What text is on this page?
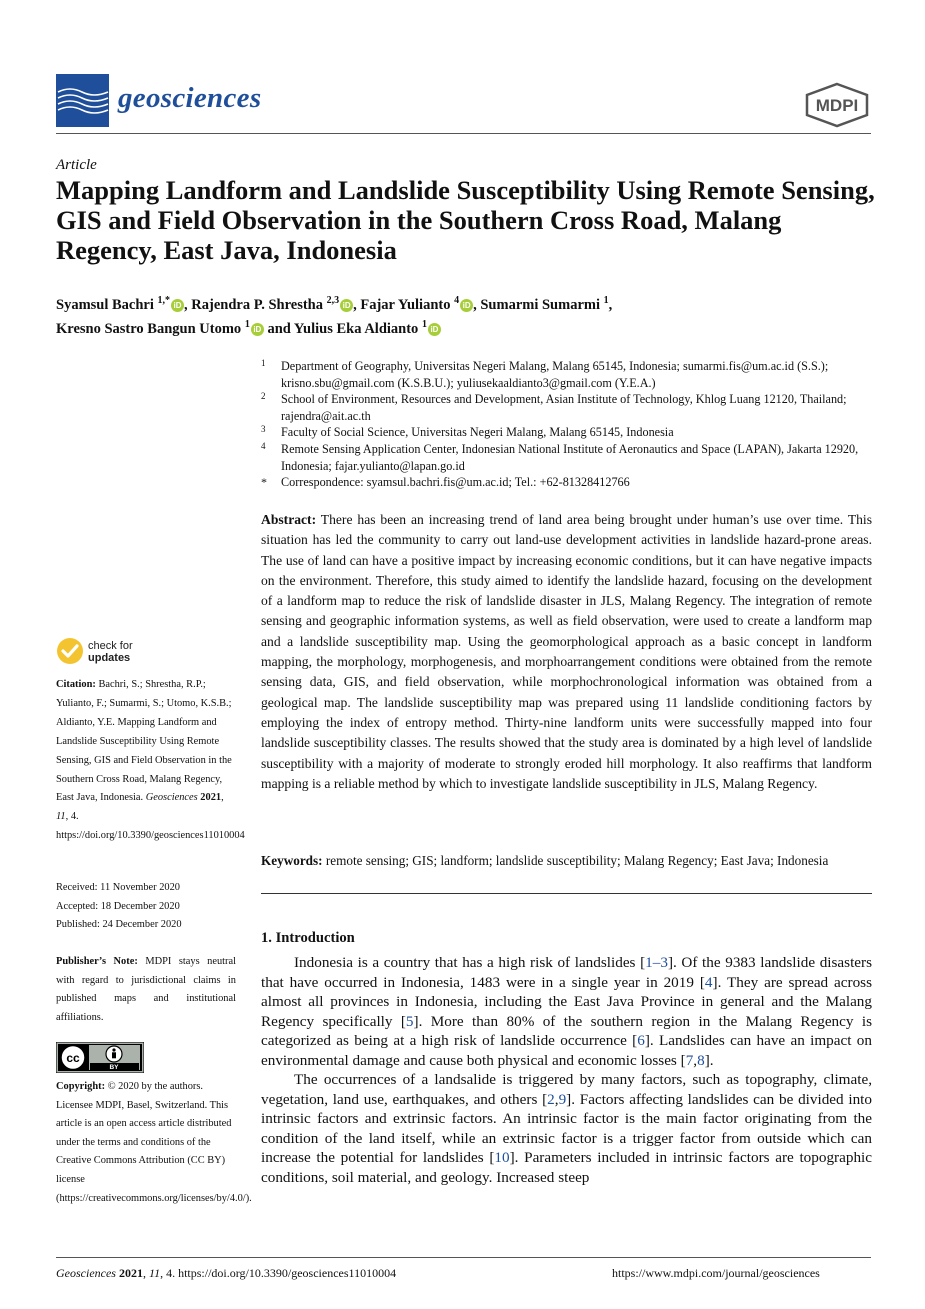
geosciences	MDPI
Article
Mapping Landform and Landslide Susceptibility Using Remote Sensing, GIS and Field Observation in the Southern Cross Road, Malang Regency, East Java, Indonesia
Syamsul Bachri $^{1,*}$ iD , Rajendra P. Shrestha $^{2,3}$ iD , Fajar Yulianto $^4$ iD , Sumarmi Sumarmi $^1$,
Kresno Sastro Bangun Utomo $^1$ iD and Yulius Eka Aldianto $^1$ iD
1 Department of Geography, Universitas Negeri Malang, Malang 65145, Indonesia; sumarmi.fis@um.ac.id (S.S.); krisno.sbu@gmail.com (K.S.B.U.); yuliusekaaldianto3@gmail.com (Y.E.A.)
2 School of Environment, Resources and Development, Asian Institute of Technology, Khlog Luang 12120, Thailand; rajendra@ait.ac.th
3 Faculty of Social Science, Universitas Negeri Malang, Malang 65145, Indonesia
4 Remote Sensing Application Center, Indonesian National Institute of Aeronautics and Space (LAPAN), Jakarta 12920, Indonesia; fajar.yulianto@lapan.go.id
* Correspondence: syamsul.bachri.fis@um.ac.id; Tel.: +62-81328412766
Abstract: There has been an increasing trend of land area being brought under human’s use over time. This situation has led the community to carry out land-use development activities in landslide hazard-prone areas. The use of land can have a positive impact by increasing economic conditions, but it can have negative impacts on the environment. Therefore, this study aimed to identify the landslide hazard, focusing on the development of a landform map to reduce the risk of landslide disaster in JLS, Malang Regency. The integration of remote sensing and geographic information systems, as well as field observation, were used to create a landform map and a landslide susceptibility map. Using the geomorphological approach as a basic concept in landform mapping, the morphology, morphogenesis, and morphoarrangement conditions were obtained from the remote sensing data, GIS, and field observation, while morphochronological information was obtained from a geological map. The landslide susceptibility map was prepared using 11 landslide conditioning factors by employing the index of entropy method. Thirty-nine landform units were successfully mapped into four landslide susceptibility classes. The results showed that the study area is dominated by a high level of landslide susceptibility with a majority of moderate to strongly eroded hill morphology. It also reaffirms that landform mapping is a reliable method by which to investigate landslide susceptibility in JLS, Malang Regency.
Keywords: remote sensing; GIS; landform; landslide susceptibility; Malang Regency; East Java; Indonesia
check for
updates
Citation: Bachri, S.; Shrestha, R.P.; Yulianto, F.; Sumarmi, S.; Utomo, K.S.B.; Aldianto, Y.E. Mapping Landform and Landslide Susceptibility Using Remote Sensing, GIS and Field Observation in the Southern Cross Road, Malang Regency, East Java, Indonesia. Geosciences 2021, 11, 4. https://doi.org/10.3390/geosciences11010004
Received: 11 November 2020
Accepted: 18 December 2020
Published: 24 December 2020
Publisher’s Note: MDPI stays neutral with regard to jurisdictional claims in published maps and institutional affiliations.
cc
BY
Copyright: © 2020 by the authors. Licensee MDPI, Basel, Switzerland. This article is an open access article distributed under the terms and conditions of the Creative Commons Attribution (CC BY) license (https://creativecommons.org/licenses/by/4.0/).
1. Introduction

Indonesia is a country that has a high risk of landslides [1–3]. Of the 9383 landslide disasters that have occurred in Indonesia, 1483 were in a single year in 2019 [4]. They are spread across almost all provinces in Indonesia, including the East Java Province in general and the Malang Regency specifically [5]. More than 80% of the southern region in the Malang Regency is categorized as being at a high risk of landslide occurrence [6]. Landslides can have an impact on environmental damage and cause both physical and economic losses [7,8].

The occurrences of a landsalide is triggered by many factors, such as topography, climate, vegetation, land use, earthquakes, and others [2,9]. Factors affecting landslides can be divided into intrinsic factors and extrinsic factors. An intrinsic factor is the main factor originating from the condition of the land itself, while an extrinsic factor is a trigger factor from outside which can increase the potential for landslides [10]. Parameters included in intrinsic factors are topographic conditions, soil material, and geology. Increased steep

Geosciences 2021, 11, 4. https://doi.org/10.3390/geosciences11010004	https://www.mdpi.com/journal/geosciences
